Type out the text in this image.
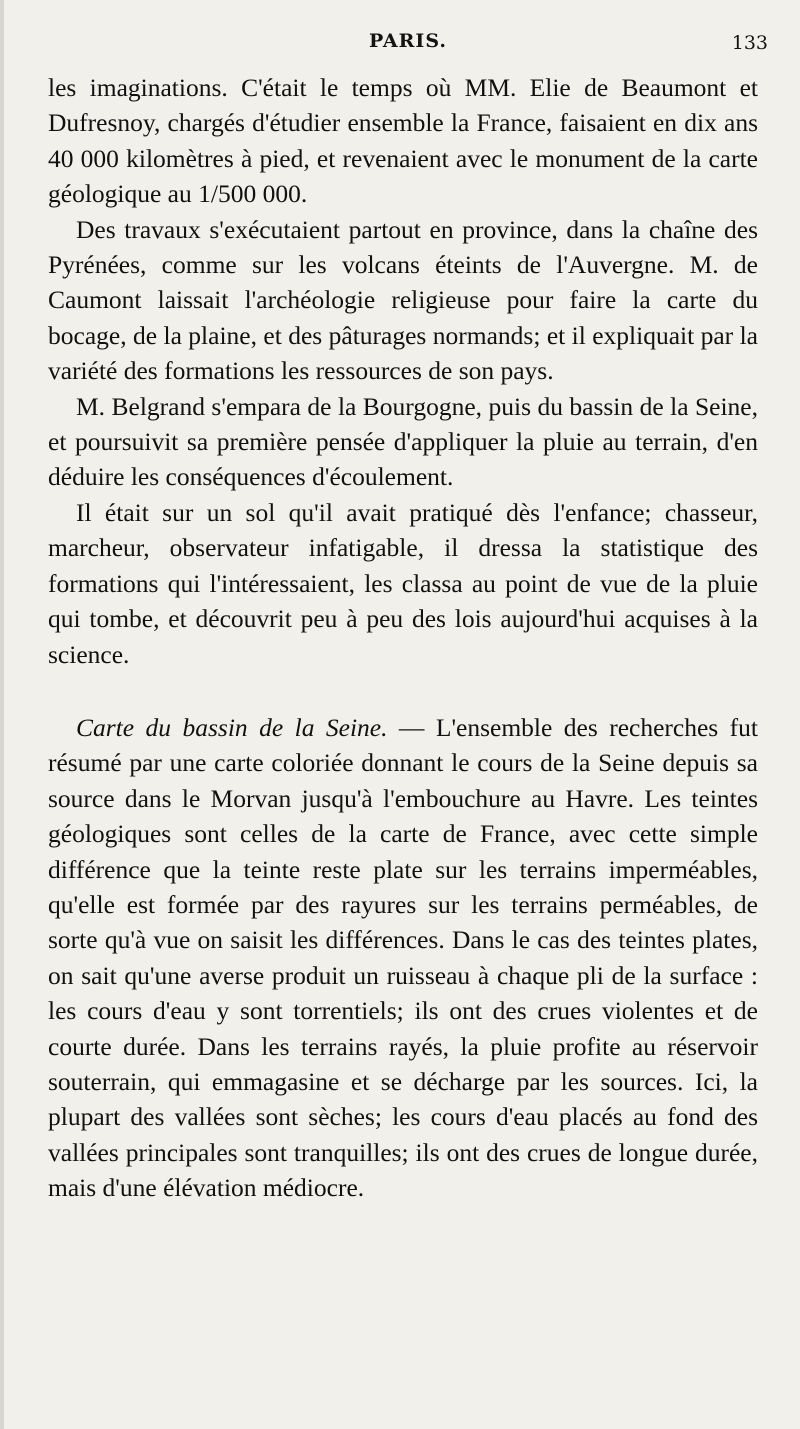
PARIS.	133

les imaginations. C'était le temps où MM. Elie de Beaumont et Dufresnoy, chargés d'étudier ensemble la France, faisaient en dix ans 40 000 kilomètres à pied, et revenaient avec le monument de la carte géologique au 1/500 000.

Des travaux s'exécutaient partout en province, dans la chaîne des Pyrénées, comme sur les volcans éteints de l'Auvergne. M. de Caumont laissait l'archéologie religieuse pour faire la carte du bocage, de la plaine, et des pâturages normands; et il expliquait par la variété des formations les ressources de son pays.

M. Belgrand s'empara de la Bourgogne, puis du bassin de la Seine, et poursuivit sa première pensée d'appliquer la pluie au terrain, d'en déduire les conséquences d'écoulement.

Il était sur un sol qu'il avait pratiqué dès l'enfance; chasseur, marcheur, observateur infatigable, il dressa la statistique des formations qui l'intéressaient, les classa au point de vue de la pluie qui tombe, et découvrit peu à peu des lois aujourd'hui acquises à la science.

Carte du bassin de la Seine. — L'ensemble des recherches fut résumé par une carte coloriée donnant le cours de la Seine depuis sa source dans le Morvan jusqu'à l'embouchure au Havre. Les teintes géologiques sont celles de la carte de France, avec cette simple différence que la teinte reste plate sur les terrains imperméables, qu'elle est formée par des rayures sur les terrains perméables, de sorte qu'à vue on saisit les différences. Dans le cas des teintes plates, on sait qu'une averse produit un ruisseau à chaque pli de la surface : les cours d'eau y sont torrentiels; ils ont des crues violentes et de courte durée. Dans les terrains rayés, la pluie profite au réservoir souterrain, qui emmagasine et se décharge par les sources. Ici, la plupart des vallées sont sèches; les cours d'eau placés au fond des vallées principales sont tranquilles; ils ont des crues de longue durée, mais d'une élévation médiocre.
